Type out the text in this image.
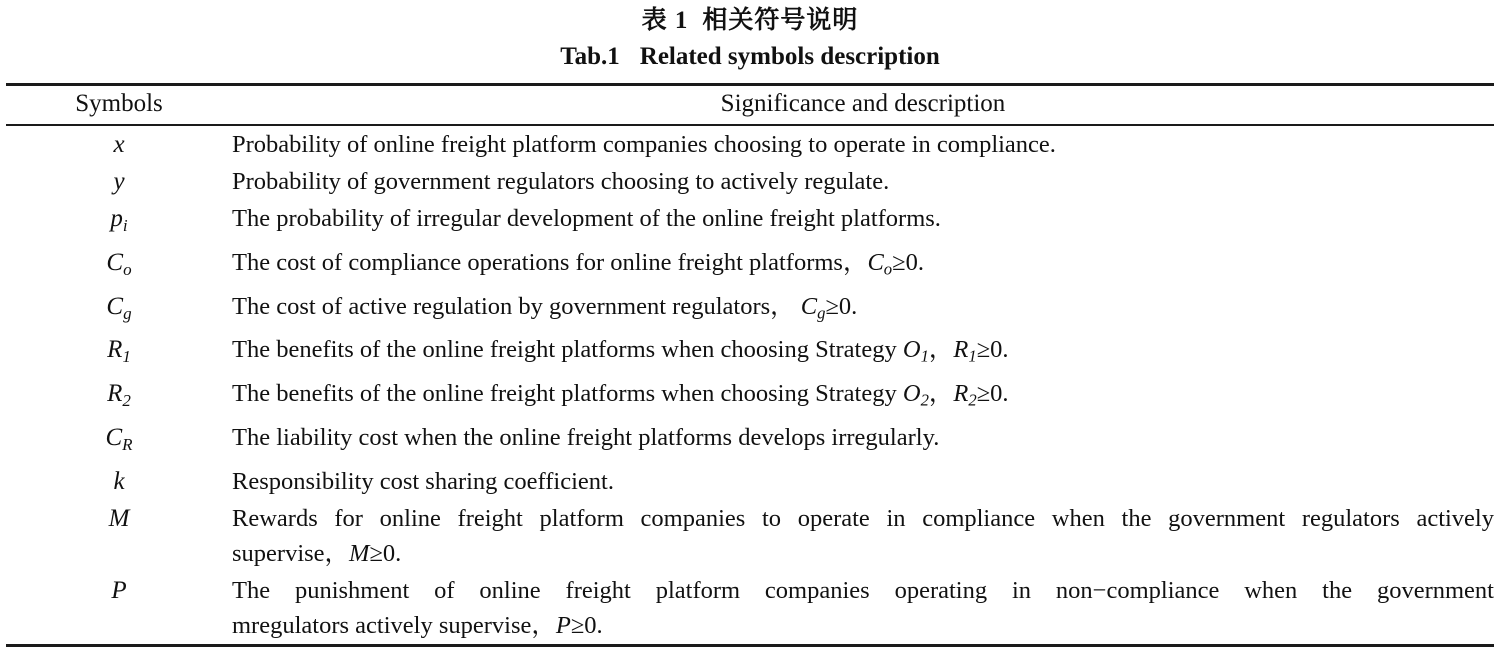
表 1 相关符号说明
Tab.1 Related symbols description
Symbols	Significance and description
x	Probability of online freight platform companies choosing to operate in compliance.
y	Probability of government regulators choosing to actively regulate.
$p_i$	The probability of irregular development of the online freight platforms.
$C_o$	The cost of compliance operations for online freight platforms，$C_o\ge 0$.
$C_g$	The cost of active regulation by government regulators， $C_g\ge 0$.
$R_1$	The benefits of the online freight platforms when choosing Strategy $O_1$，$R_1\ge 0$.
$R_2$	The benefits of the online freight platforms when choosing Strategy $O_2$，$R_2\ge 0$.
$C_R$	The liability cost when the online freight platforms develops irregularly.
k	Responsibility cost sharing coefficient.
M	Rewards for online freight platform companies to operate in compliance when the government regulators actively
supervise，M≥0.

P	The punishment of online freight platform companies operating in non−compliance when the government
mregulators actively supervise，P≥0.
